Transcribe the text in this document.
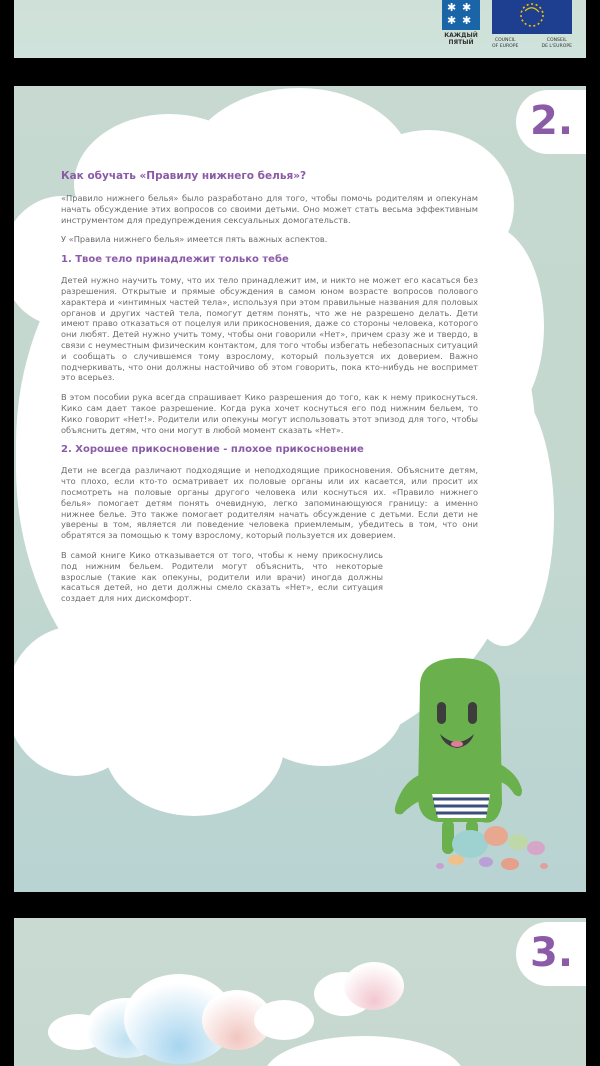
✱ ✱
✱ ✱
КАЖДЫЙ
ПЯТЫЙ	COUNCIL
OF EUROPE
CONSEIL
DE L'EUROPE
2.
Как обучать «Правилу нижнего белья»?

«Правило нижнего белья» было разработано для того, чтобы помочь родителям и опекунам начать обсуждение этих вопросов со своими детьми. Оно может стать весьма эффективным инструментом для предупреждения сексуальных домогательств.

У «Правила нижнего белья» имеется пять важных аспектов.

1. Твое тело принадлежит только тебе

Детей нужно научить тому, что их тело принадлежит им, и никто не может его касаться без разрешения. Открытые и прямые обсуждения в самом юном возрасте вопросов полового характера и «интимных частей тела», используя при этом правильные названия для половых органов и других частей тела, помогут детям понять, что же не разрешено делать. Дети имеют право отказаться от поцелуя или прикосновения, даже со стороны человека, которого они любят. Детей нужно учить тому, чтобы они говорили «Нет», причем сразу же и твердо, в связи с неуместным физическим контактом, для того чтобы избегать небезопасных ситуаций и сообщать о случившемся тому взрослому, который пользуется их доверием. Важно подчеркивать, что они должны настойчиво об этом говорить, пока кто-нибудь не воспримет это всерьез.

В этом пособии рука всегда спрашивает Кико разрешения до того, как к нему прикоснуться. Кико сам дает такое разрешение. Когда рука хочет коснуться его под нижним бельем, то Кико говорит «Нет!». Родители или опекуны могут использовать этот эпизод для того, чтобы объяснить детям, что они могут в любой момент сказать «Нет».

2. Хорошее прикосновение - плохое прикосновение

Дети не всегда различают подходящие и неподходящие прикосновения. Объясните детям, что плохо, если кто-то осматривает их половые органы или их касается, или просит их посмотреть на половые органы другого человека или коснуться их. «Правило нижнего белья» помогает детям понять очевидную, легко запоминающуюся границу: а именно нижнее белье. Это также помогает родителям начать обсуждение с детьми. Если дети не уверены в том, является ли поведение человека приемлемым, убедитесь в том, что они обратятся за помощью к тому взрослому, который пользуется их доверием.

В самой книге Кико отказывается от того, чтобы к нему прикоснулись под нижним бельем. Родители могут объяснить, что некоторые взрослые (такие как опекуны, родители или врачи) иногда должны касаться детей, но дети должны смело сказать «Нет», если ситуация создает для них дискомфорт.

3.
